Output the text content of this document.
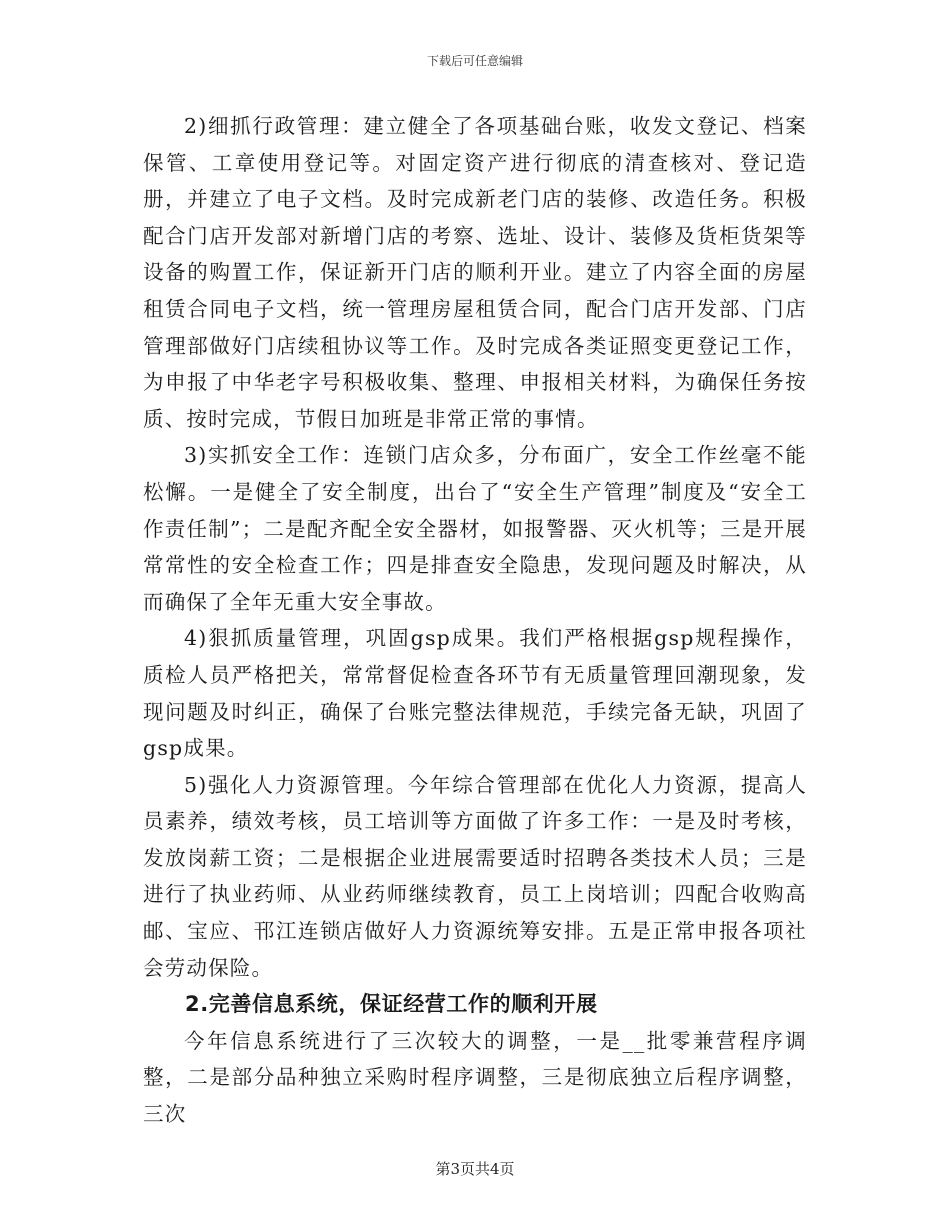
下载后可任意编辑

2)细抓行政管理：建立健全了各项基础台账，收发文登记、档案保管、工章使用登记等。对固定资产进行彻底的清查核对、登记造册，并建立了电子文档。及时完成新老门店的装修、改造任务。积极配合门店开发部对新增门店的考察、选址、设计、装修及货柜货架等设备的购置工作，保证新开门店的顺利开业。建立了内容全面的房屋租赁合同电子文档，统一管理房屋租赁合同，配合门店开发部、门店管理部做好门店续租协议等工作。及时完成各类证照变更登记工作，为申报了中华老字号积极收集、整理、申报相关材料，为确保任务按质、按时完成，节假日加班是非常正常的事情。

3)实抓安全工作：连锁门店众多，分布面广，安全工作丝毫不能松懈。一是健全了安全制度，出台了“安全生产管理”制度及“安全工作责任制”；二是配齐配全安全器材，如报警器、灭火机等；三是开展常常性的安全检查工作；四是排查安全隐患，发现问题及时解决，从而确保了全年无重大安全事故。

4)狠抓质量管理，巩固gsp成果。我们严格根据gsp规程操作，质检人员严格把关，常常督促检查各环节有无质量管理回潮现象，发现问题及时纠正，确保了台账完整法律规范，手续完备无缺，巩固了gsp成果。

5)强化人力资源管理。今年综合管理部在优化人力资源，提高人员素养，绩效考核，员工培训等方面做了许多工作：一是及时考核，发放岗薪工资；二是根据企业进展需要适时招聘各类技术人员；三是进行了执业药师、从业药师继续教育，员工上岗培训；四配合收购高邮、宝应、邗江连锁店做好人力资源统筹安排。五是正常申报各项社会劳动保险。

2.完善信息系统，保证经营工作的顺利开展

今年信息系统进行了三次较大的调整，一是__批零兼营程序调整，二是部分品种独立采购时程序调整，三是彻底独立后程序调整，三次

第3页共4页
